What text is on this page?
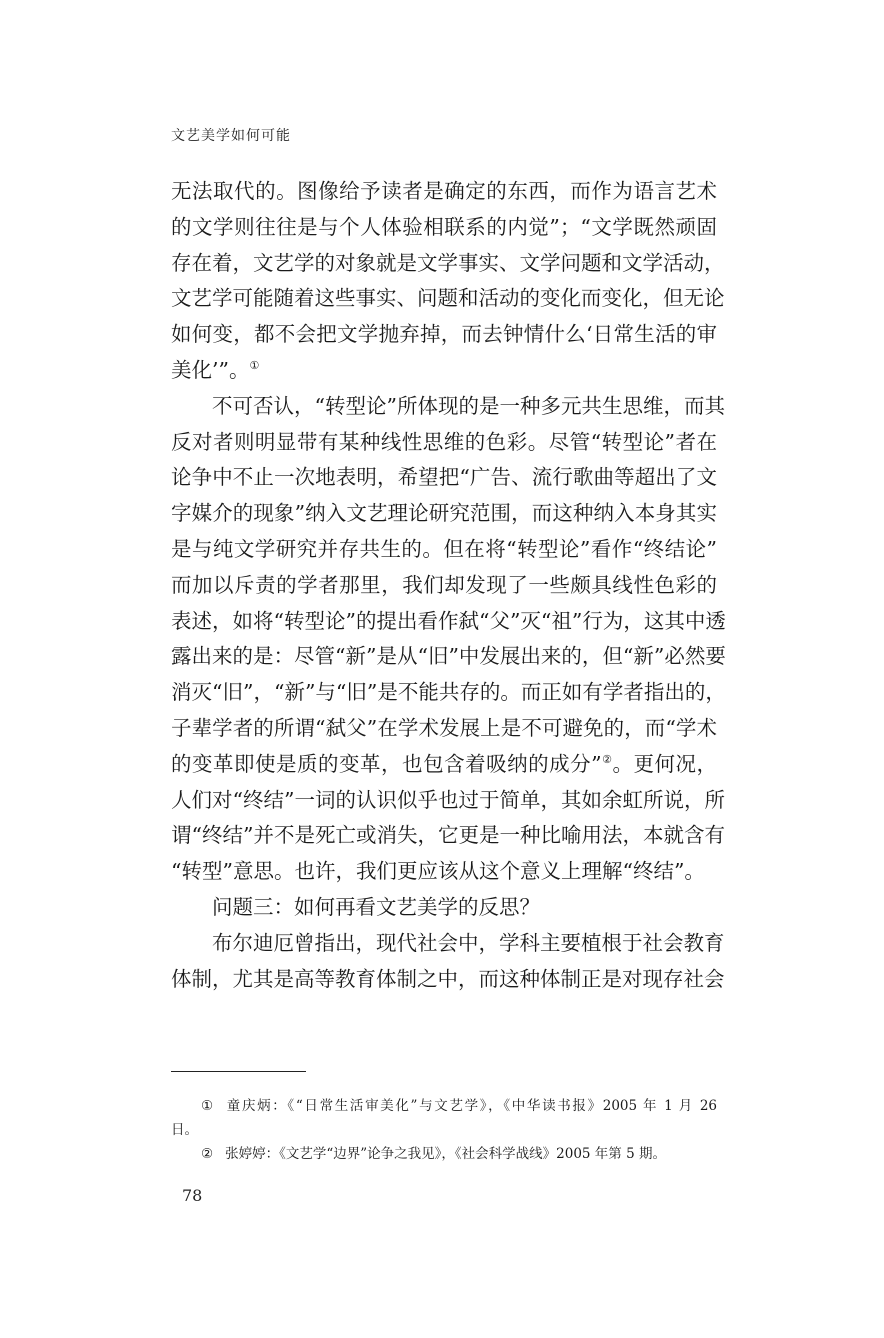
文艺美学如何可能
无法取代的。图像给予读者是确定的东西，而作为语言艺术
的文学则往往是与个人体验相联系的内觉”；“文学既然顽固
存在着，文艺学的对象就是文学事实、文学问题和文学活动，
文艺学可能随着这些事实、问题和活动的变化而变化，但无论
如何变，都不会把文学抛弃掉，而去钟情什么‘日常生活的审
美化’”。①
不可否认，“转型论”所体现的是一种多元共生思维，而其
反对者则明显带有某种线性思维的色彩。尽管“转型论”者在
论争中不止一次地表明，希望把“广告、流行歌曲等超出了文
字媒介的现象”纳入文艺理论研究范围，而这种纳入本身其实
是与纯文学研究并存共生的。但在将“转型论”看作“终结论”
而加以斥责的学者那里，我们却发现了一些颇具线性色彩的
表述，如将“转型论”的提出看作弑“父”灭“祖”行为，这其中透
露出来的是：尽管“新”是从“旧”中发展出来的，但“新”必然要
消灭“旧”，“新”与“旧”是不能共存的。而正如有学者指出的，
子辈学者的所谓“弑父”在学术发展上是不可避免的，而“学术
的变革即使是质的变革，也包含着吸纳的成分”②。更何况，
人们对“终结”一词的认识似乎也过于简单，其如余虹所说，所
谓“终结”并不是死亡或消失，它更是一种比喻用法，本就含有
“转型”意思。也许，我们更应该从这个意义上理解“终结”。
问题三：如何再看文艺美学的反思？
布尔迪厄曾指出，现代社会中，学科主要植根于社会教育
体制，尤其是高等教育体制之中，而这种体制正是对现存社会
① 童庆炳：《“日常生活审美化”与文艺学》，《中华读书报》2005 年 1 月 26
日。
② 张婷婷：《文艺学“边界”论争之我见》，《社会科学战线》2005 年第 5 期。
78
